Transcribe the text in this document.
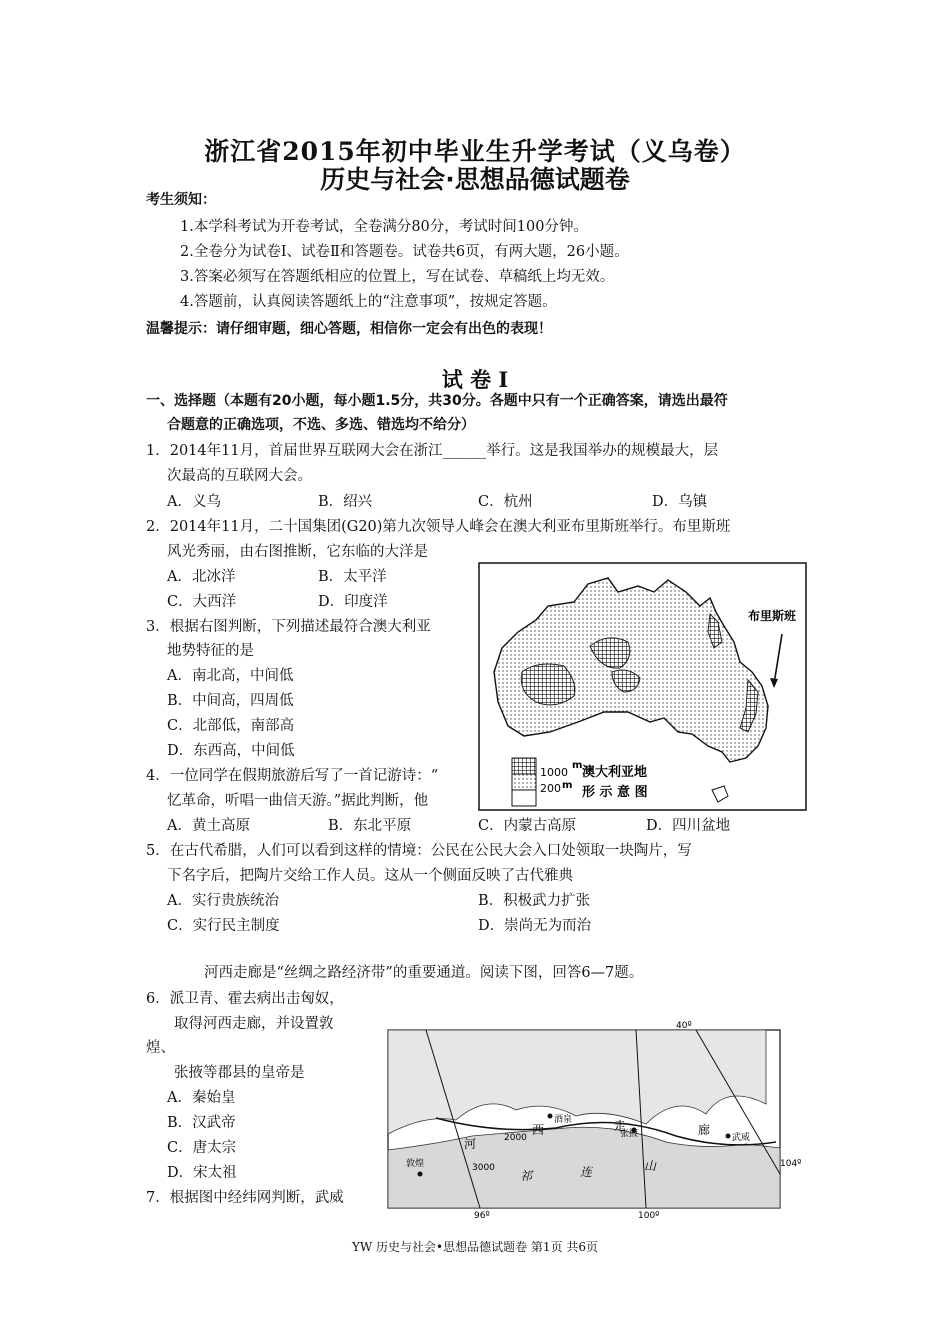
浙江省2015年初中毕业生升学考试（义乌卷）
历史与社会·思想品德试题卷
考生须知：
1.本学科考试为开卷考试，全卷满分80分，考试时间100分钟。
2.全卷分为试卷Ⅰ、试卷Ⅱ和答题卷。试卷共6页，有两大题，26小题。
3.答案必须写在答题纸相应的位置上，写在试卷、草稿纸上均无效。
4.答题前，认真阅读答题纸上的“注意事项”，按规定答题。
温馨提示：请仔细审题，细心答题，相信你一定会有出色的表现！
试 卷 I
一、选择题（本题有20小题，每小题1.5分，共30分。各题中只有一个正确答案，请选出最符
合题意的正确选项，不选、多选、错选均不给分）
1．2014年11月，首届世界互联网大会在浙江______举行。这是我国举办的规模最大，层
次最高的互联网大会。
A．义乌	B．绍兴	C．杭州	D．乌镇
2．2014年11月，二十国集团(G20)第九次领导人峰会在澳大利亚布里斯班举行。布里斯班
风光秀丽，由右图推断，它东临的大洋是
A．北冰洋	B．太平洋
C．大西洋	D．印度洋
3．根据右图判断，下列描述最符合澳大利亚
地势特征的是
A．南北高，中间低
B．中间高，四周低
C．北部低，南部高
D．东西高，中间低
4．一位同学在假期旅游后写了一首记游诗：“
忆革命，听唱一曲信天游。”据此判断，他
A．黄土高原	B．东北平原	C．内蒙古高原	D．四川盆地
5．在古代希腊，人们可以看到这样的情境：公民在公民大会入口处领取一块陶片，写
下名字后，把陶片交给工作人员。这从一个侧面反映了古代雅典
A．实行贵族统治	B．积极武力扩张
C．实行民主制度	D．崇尚无为而治
河西走廊是“丝绸之路经济带”的重要通道。阅读下图，回答6—7题。
6．派卫青、霍去病出击匈奴，
取得河西走廊，并设置敦
煌、
张掖等郡县的皇帝是
A．秦始皇
B．汉武帝
C．唐太宗
D．宋太祖
7．根据图中经纬网判断，武威
布里斯班
1000
200
m
m
澳大利亚地
形 示 意 图
40º
96º	100º
104º
敦煌
酒泉
张掖	武威
2000
3000
河
西	走	廊
祁	连	山
YW 历史与社会•思想品德试题卷 第1页 共6页
